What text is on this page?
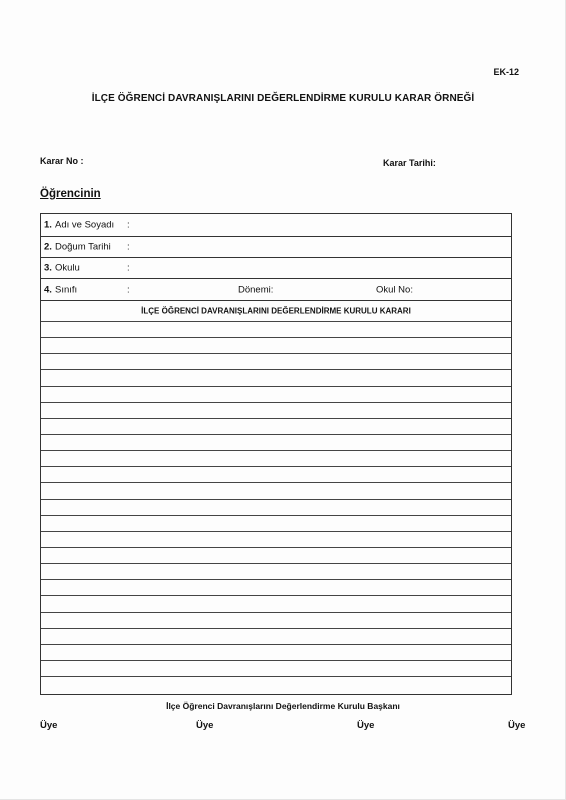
EK-12
İLÇE ÖĞRENCİ DAVRANIŞLARINI DEĞERLENDİRME KURULU KARAR ÖRNEĞİ
Karar No :	Karar Tarihi:
Öğrencinin
1. Adı ve Soyadı :
2. Doğum Tarihi :
3. Okulu	:
4. Sınıfı	:	Dönemi:	Okul No:
İLÇE ÖĞRENCİ DAVRANIŞLARINI DEĞERLENDİRME KURULU KARARI
İlçe Öğrenci Davranışlarını Değerlendirme Kurulu Başkanı
Üye	Üye	Üye	Üye
